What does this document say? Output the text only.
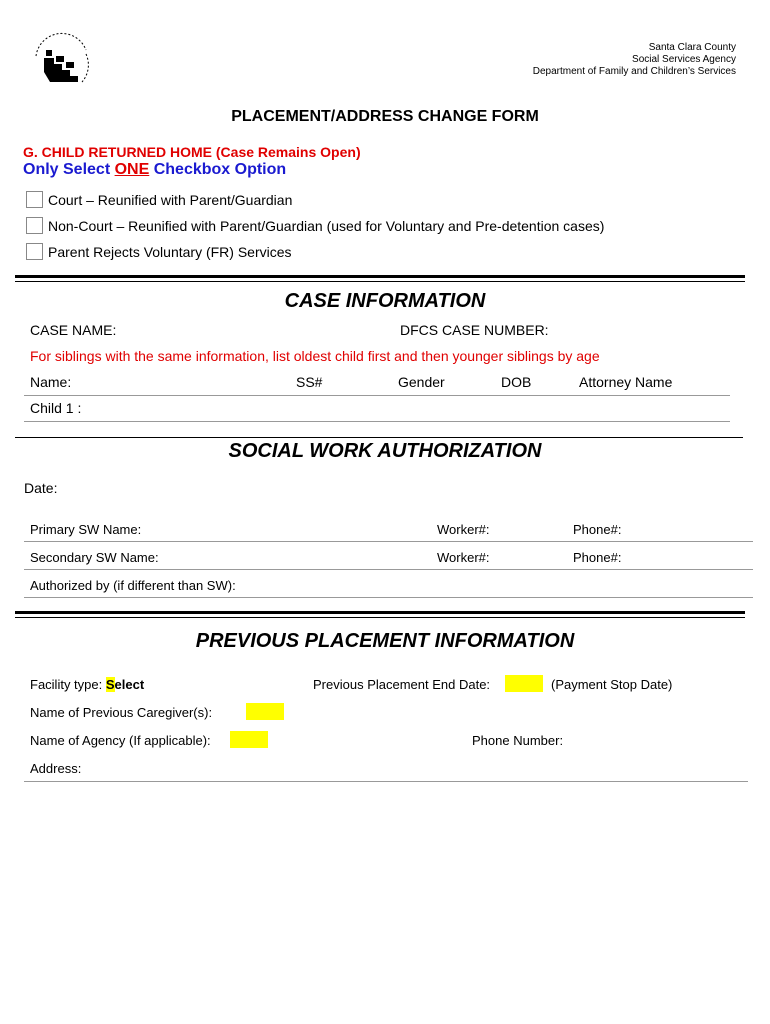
Santa Clara County
Social Services Agency
Department of Family and Children’s Services
PLACEMENT/ADDRESS CHANGE FORM
G. CHILD RETURNED HOME (Case Remains Open)
Only Select ONE Checkbox Option
Court – Reunified with Parent/Guardian
Non-Court – Reunified with Parent/Guardian (used for Voluntary and Pre-detention cases)
Parent Rejects Voluntary (FR) Services
CASE INFORMATION
CASE NAME:	DFCS CASE NUMBER:
For siblings with the same information, list oldest child first and then younger siblings by age
Name:	SS#	Gender	DOB	Attorney Name
Child 1 :
SOCIAL WORK AUTHORIZATION
Date:
Primary SW Name:	Worker#:	Phone#:
Secondary SW Name:	Worker#:	Phone#:
Authorized by (if different than SW):
PREVIOUS PLACEMENT INFORMATION
Facility type: Select	Previous Placement End Date:	(Payment Stop Date)
Name of Previous Caregiver(s):
Name of Agency (If applicable):	Phone Number:
Address:
